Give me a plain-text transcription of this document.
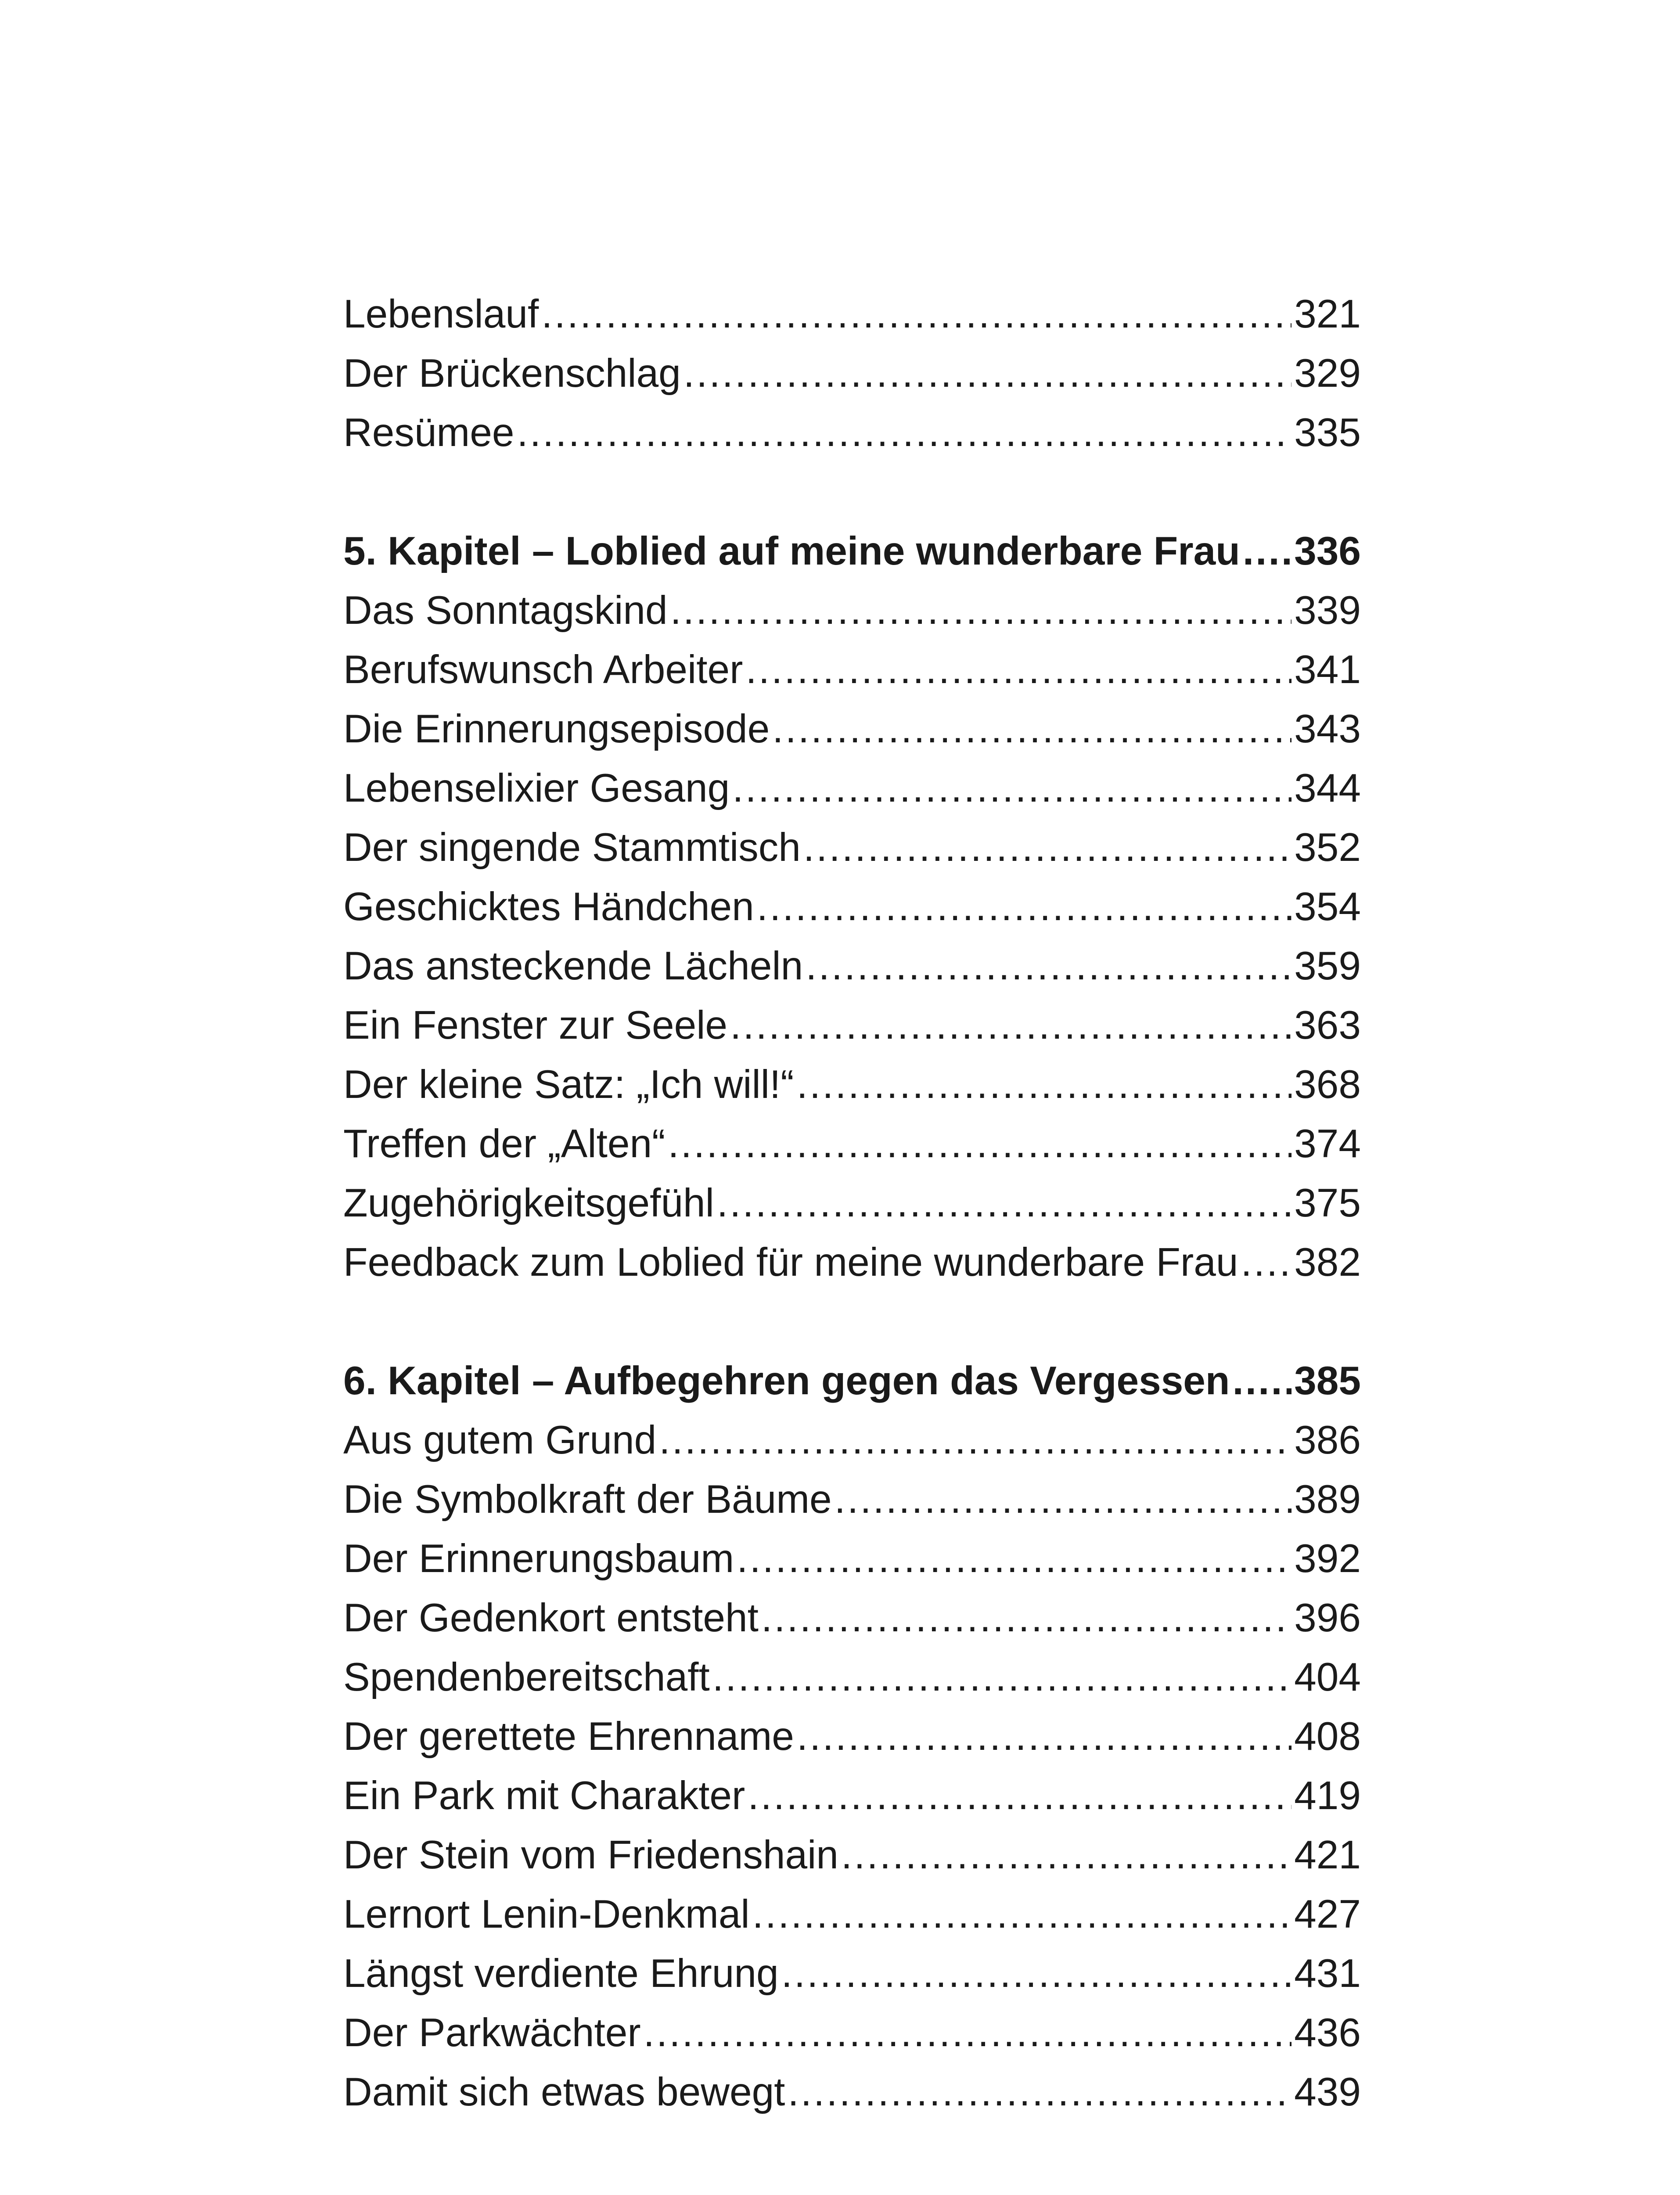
Lebenslauf .....	321
Der Brückenschlag .....	329
Resümee .....	335
5. Kapitel – Loblied auf meine wunderbare Frau ..... 336
Das Sonntagskind .....	339
Berufswunsch Arbeiter .....	341
Die Erinnerungsepisode .....	343
Lebenselixier Gesang .....	344
Der singende Stammtisch .....	352
Geschicktes Händchen .....	354
Das ansteckende Lächeln .....	359
Ein Fenster zur Seele .....	363
Der kleine Satz: „Ich will!“ .....	368
Treffen der „Alten“ .....	374
Zugehörigkeitsgefühl .....	375
Feedback zum Loblied für meine wunderbare Frau ..... 382
6. Kapitel – Aufbegehren gegen das Vergessen ..... 385
Aus gutem Grund .....	386
Die Symbolkraft der Bäume .....	389
Der Erinnerungsbaum .....	392
Der Gedenkort entsteht .....	396
Spendenbereitschaft .....	404
Der gerettete Ehrenname .....	408
Ein Park mit Charakter .....	419
Der Stein vom Friedenshain .....	421
Lernort Lenin-Denkmal .....	427
Längst verdiente Ehrung .....	431
Der Parkwächter .....	436
Damit sich etwas bewegt .....	439
